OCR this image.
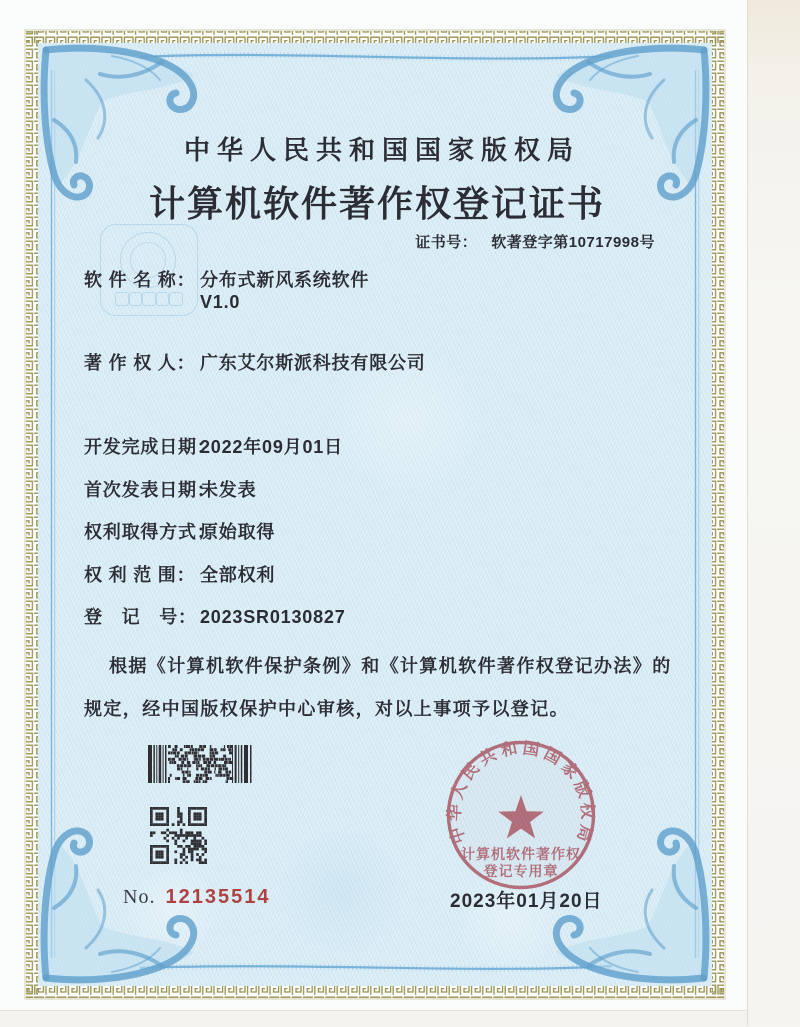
中华人民共和国国家版权局
计算机软件著作权登记证书
证书号： 软著登字第10717998号
软 件 名 称： 分布式新风系统软件
V1.0
著 作 权 人： 广东艾尔斯派科技有限公司
开发完成日期：2022年09月01日
首次发表日期：未发表
权利取得方式：原始取得
权 利 范 围： 全部权利
登　记　号： 2023SR0130827
根据《计算机软件保护条例》和《计算机软件著作权登记办法》的
规定，经中国版权保护中心审核，对以上事项予以登记。
中华人民共和国国家版权局
计算机软件著作权
登记专用章
2023年01月20日
No. 12135514
